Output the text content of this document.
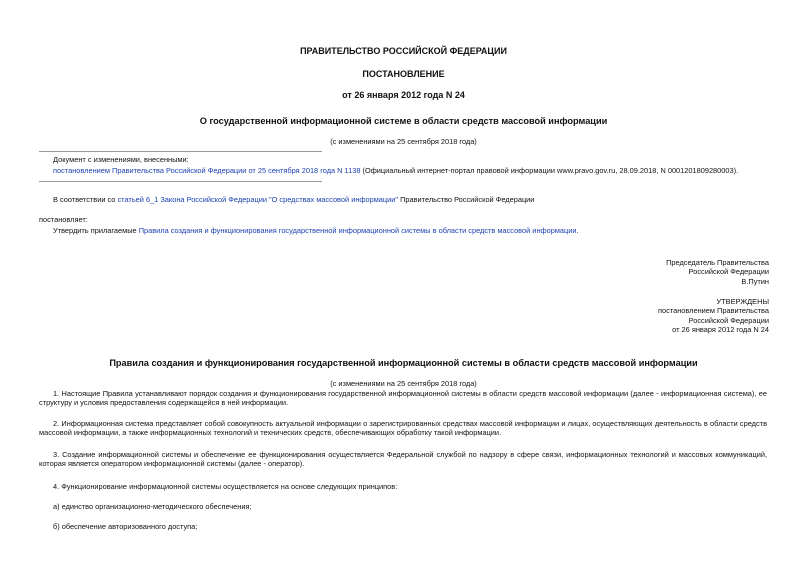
ПРАВИТЕЛЬСТВО РОССИЙСКОЙ ФЕДЕРАЦИИ
ПОСТАНОВЛЕНИЕ
от 26 января 2012 года N 24
О государственной информационной системе в области средств массовой информации
(с изменениями на 25 сентября 2018 года)
Документ с изменениями, внесенными:
постановлением Правительства Российской Федерации от 25 сентября 2018 года N 1138 (Официальный интернет-портал правовой информации www.pravo.gov.ru, 28.09.2018, N 0001201809280003).
В соответствии со статьей 6_1 Закона Российской Федерации "О средствах массовой информации" Правительство Российской Федерации
постановляет:
Утвердить прилагаемые Правила создания и функционирования государственной информационной системы в области средств массовой информации.
Председатель Правительства
Российской Федерации
В.Путин
УТВЕРЖДЕНЫ
постановлением Правительства
Российской Федерации
от 26 января 2012 года N 24
Правила создания и функционирования государственной информационной системы в области средств массовой информации
(с изменениями на 25 сентября 2018 года)
1. Настоящие Правила устанавливают порядок создания и функционирования государственной информационной системы в области средств массовой информации (далее - информационная система), ее структуру и условия предоставления содержащейся в ней информации.
2. Информационная система представляет собой совокупность актуальной информации о зарегистрированных средствах массовой информации и лицах, осуществляющих деятельность в области средств массовой информации, а также информационных технологий и технических средств, обеспечивающих обработку такой информации.
3. Создание информационной системы и обеспечение ее функционирования осуществляется Федеральной службой по надзору в сфере связи, информационных технологий и массовых коммуникаций, которая является оператором информационной системы (далее - оператор).
4. Функционирование информационной системы осуществляется на основе следующих принципов:
а) единство организационно-методического обеспечения;
б) обеспечение авторизованного доступа;
